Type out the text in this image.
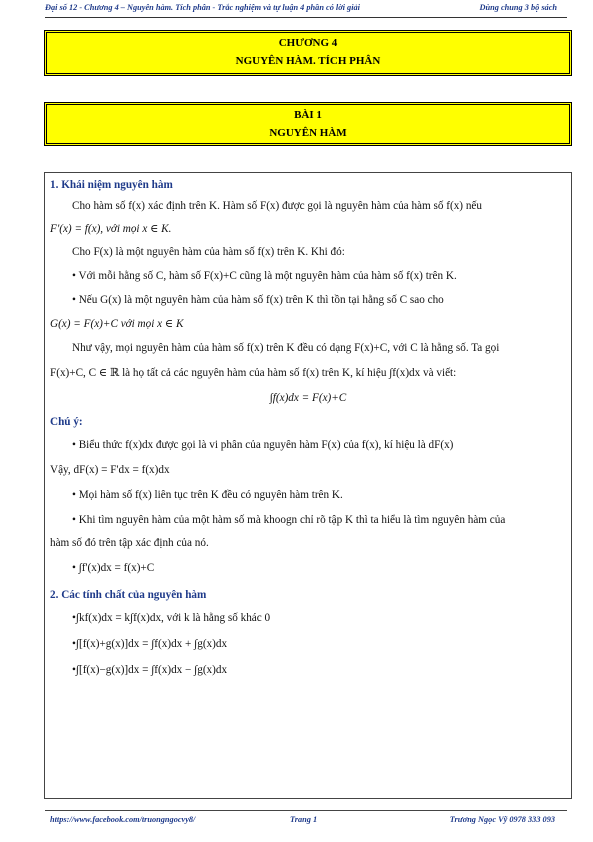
Đại số 12 - Chương 4 – Nguyên hàm. Tích phân - Trắc nghiệm và tự luận 4 phần có lời giải	Dùng chung 3 bộ sách
CHƯƠNG 4
NGUYÊN HÀM. TÍCH PHÂN
BÀI 1
NGUYÊN HÀM

1. Khái niệm nguyên hàm

Cho hàm số f(x) xác định trên K. Hàm số F(x) được gọi là nguyên hàm của hàm số f(x) nếu

F'(x) = f(x), với mọi x ∈ K.

Cho F(x) là một nguyên hàm của hàm số f(x) trên K. Khi đó:

• Với mỗi hằng số C, hàm số F(x)+C cũng là một nguyên hàm của hàm số f(x) trên K.

• Nếu G(x) là một nguyên hàm của hàm số f(x) trên K thì tồn tại hằng số C sao cho

G(x) = F(x)+C với mọi x ∈ K

Như vậy, mọi nguyên hàm của hàm số f(x) trên K đều có dạng F(x)+C, với C là hằng số. Ta gọi

F(x)+C, C ∈ ℝ là họ tất cả các nguyên hàm của hàm số f(x) trên K, kí hiệu ∫f(x)dx và viết:

∫f(x)dx = F(x)+C

Chú ý:

• Biểu thức f(x)dx được gọi là vi phân của nguyên hàm F(x) của f(x), kí hiệu là dF(x)

Vậy, dF(x) = F'dx = f(x)dx

• Mọi hàm số f(x) liên tục trên K đều có nguyên hàm trên K.

• Khi tìm nguyên hàm của một hàm số mà khoogn chỉ rõ tập K thì ta hiểu là tìm nguyên hàm của

hàm số đó trên tập xác định của nó.

• ∫f'(x)dx = f(x)+C

2. Các tính chất của nguyên hàm

•∫kf(x)dx = k∫f(x)dx, với k là hằng số khác 0

•∫[f(x)+g(x)]dx = ∫f(x)dx + ∫g(x)dx

•∫[f(x)−g(x)]dx = ∫f(x)dx − ∫g(x)dx

https://www.facebook.com/truongngocvy8/	Trang 1	Trương Ngọc Vỹ 0978 333 093
